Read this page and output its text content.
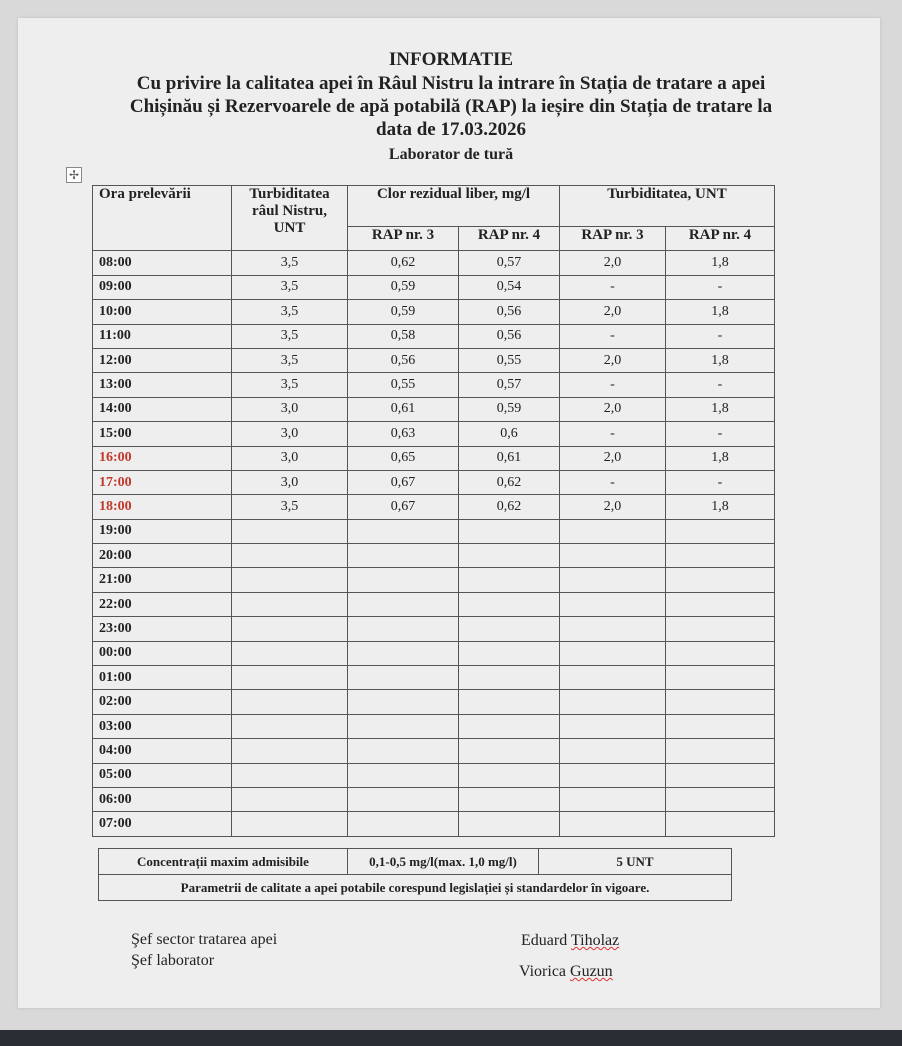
INFORMATIE
Cu privire la calitatea apei în Râul Nistru la intrare în Stația de tratare a apei Chișinău și Rezervoarele de apă potabilă (RAP) la ieșire din Stația de tratare la data de 17.03.2026
Laborator de tură
✢
Ora prelevării	Turbiditatea râul Nistru, UNT	Clor rezidual liber, mg/l		Turbiditatea, UNT	
		RAP nr. 3	RAP nr. 4	RAP nr. 3	RAP nr. 4
08:00	3,5	0,62	0,57	2,0	1,8
09:00	3,5	0,59	0,54	-	-
10:00	3,5	0,59	0,56	2,0	1,8
11:00	3,5	0,58	0,56	-	-
12:00	3,5	0,56	0,55	2,0	1,8
13:00	3,5	0,55	0,57	-	-
14:00	3,0	0,61	0,59	2,0	1,8
15:00	3,0	0,63	0,6	-	-
16:00	3,0	0,65	0,61	2,0	1,8
17:00	3,0	0,67	0,62	-	-
18:00	3,5	0,67	0,62	2,0	1,8
19:00					
20:00					
21:00					
22:00					
23:00					
00:00					
01:00					
02:00					
03:00					
04:00					
05:00					
06:00					
07:00					
Concentrații maxim admisibile	0,1-0,5 mg/l(max. 1,0 mg/l)	5 UNT
Parametrii de calitate a apei potabile corespund legislației și standardelor în vigoare.
Şef sector tratarea apei
Şef laborator
Eduard Tiholaz
Viorica Guzun
